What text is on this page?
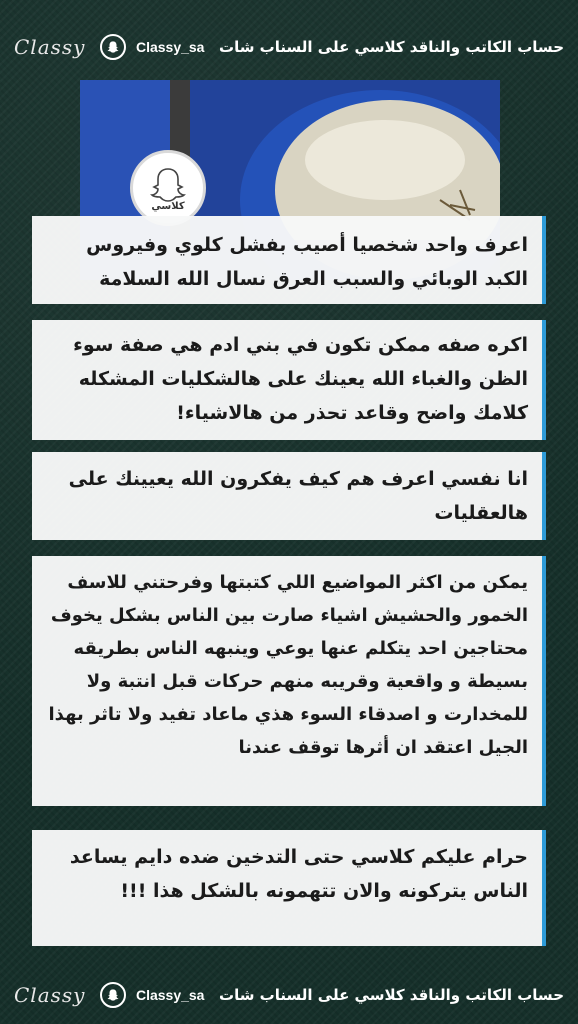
Classy	Classy_sa حساب الكاتب والناقد كلاسي على السناب شات
كلاسي
اعرف واحد شخصيا أصيب بفشل كلوي وفيروس الكبد الوبائي والسبب العرق نسال الله السلامة
اكره صفه ممكن تكون في بني ادم هي صفة سوء الظن والغباء الله يعينك على هالشكليات المشكله كلامك واضح وقاعد تحذر من هالاشياء!
انا نفسي اعرف هم كيف يفكرون الله يعيينك على هالعقليات
يمكن من اكثر المواضيع اللي كتبتها وفرحتني للاسف الخمور والحشيش اشياء صارت بين الناس بشكل يخوف محتاجين احد يتكلم عنها يوعي وينبهه الناس بطريقه بسيطة و واقعية وقريبه منهم حركات قبل انتبة ولا للمخدارت و اصدقاء السوء هذي ماعاد تفيد ولا تاثر بهذا الجيل اعتقد ان أثرها توقف عندنا
حرام عليكم كلاسي حتى التدخين ضده دايم يساعد الناس يتركونه والان تتهمونه بالشكل هذا !!!
Classy	Classy_sa حساب الكاتب والناقد كلاسي على السناب شات
